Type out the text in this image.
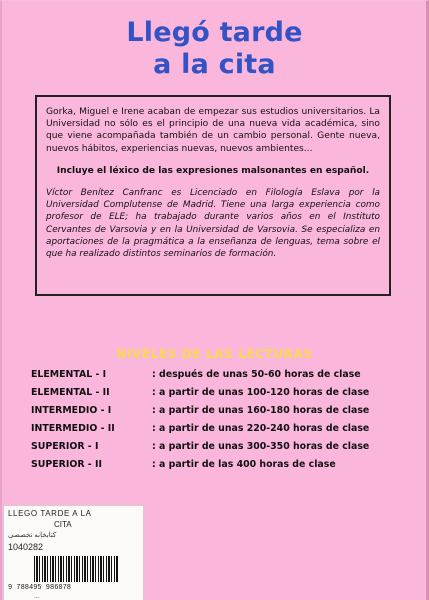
Llegó tarde
a la cita

Gorka, Miguel e Irene acaban de empezar sus estudios universitarios. La Universidad no sólo es el principio de una nueva vida académica, sino que viene acompañada también de un cambio personal. Gente nueva, nuevos hábitos, experiencias nuevas, nuevos ambientes...

Incluye el léxico de las expresiones malsonantes en español.

Víctor Benítez Canfranc es Licenciado en Filología Eslava por la Universidad Complutense de Madrid. Tiene una larga experiencia como profesor de ELE; ha trabajado durante varios años en el Instituto Cervantes de Varsovia y en la Universidad de Varsovia. Se especializa en aportaciones de la pragmática a la enseñanza de lenguas, tema sobre el que ha realizado distintos seminarios de formación.

NIVELES DE LAS LECTURAS
ELEMENTAL - I	: después de unas 50-60 horas de clase
ELEMENTAL - II	: a partir de unas 100-120 horas de clase
INTERMEDIO - I	: a partir de unas 160-180 horas de clase
INTERMEDIO - II	: a partir de unas 220-240 horas de clase
SUPERIOR - I	: a partir de unas 300-350 horas de clase
SUPERIOR - II	: a partir de las 400 horas de clase
LLEGO TARDE A LA
CITA
كتابخانه تخصصی
1040282
9 788495 986078
...
